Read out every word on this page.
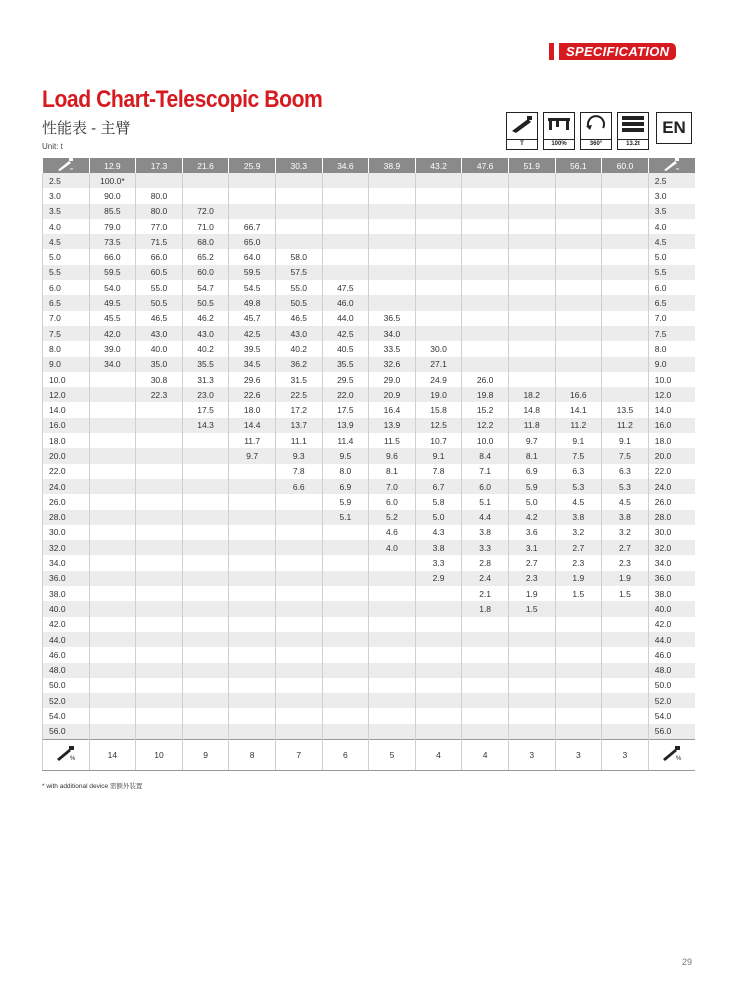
SPECIFICATION
Load Chart-Telescopic Boom
性能表 - 主臂
Unit: t	T	100%	360°	13.2t
EN
m	12.9	17.3	21.6	25.9	30.3	34.6	38.9	43.2	47.6	51.9	56.1	60.0	m

2.5	100.0*												2.5
3.0	90.0	80.0											3.0
3.5	85.5	80.0	72.0										3.5
4.0	79.0	77.0	71.0	66.7									4.0
4.5	73.5	71.5	68.0	65.0									4.5
5.0	66.0	66.0	65.2	64.0	58.0								5.0
5.5	59.5	60.5	60.0	59.5	57.5								5.5
6.0	54.0	55.0	54.7	54.5	55.0	47.5							6.0
6.5	49.5	50.5	50.5	49.8	50.5	46.0							6.5
7.0	45.5	46.5	46.2	45.7	46.5	44.0	36.5						7.0
7.5	42.0	43.0	43.0	42.5	43.0	42.5	34.0						7.5
8.0	39.0	40.0	40.2	39.5	40.2	40.5	33.5	30.0					8.0
9.0	34.0	35.0	35.5	34.5	36.2	35.5	32.6	27.1					9.0
10.0		30.8	31.3	29.6	31.5	29.5	29.0	24.9	26.0				10.0
12.0		22.3	23.0	22.6	22.5	22.0	20.9	19.0	19.8	18.2	16.6		12.0
14.0			17.5	18.0	17.2	17.5	16.4	15.8	15.2	14.8	14.1	13.5	14.0
16.0			14.3	14.4	13.7	13.9	13.9	12.5	12.2	11.8	11.2	11.2	16.0
18.0				11.7	11.1	11.4	11.5	10.7	10.0	9.7	9.1	9.1	18.0
20.0				9.7	9.3	9.5	9.6	9.1	8.4	8.1	7.5	7.5	20.0
22.0					7.8	8.0	8.1	7.8	7.1	6.9	6.3	6.3	22.0
24.0					6.6	6.9	7.0	6.7	6.0	5.9	5.3	5.3	24.0
26.0						5.9	6.0	5.8	5.1	5.0	4.5	4.5	26.0
28.0						5.1	5.2	5.0	4.4	4.2	3.8	3.8	28.0
30.0							4.6	4.3	3.8	3.6	3.2	3.2	30.0
32.0							4.0	3.8	3.3	3.1	2.7	2.7	32.0
34.0								3.3	2.8	2.7	2.3	2.3	34.0
36.0								2.9	2.4	2.3	1.9	1.9	36.0
38.0									2.1	1.9	1.5	1.5	38.0
40.0									1.8	1.5			40.0
42.0													42.0
44.0													44.0
46.0													46.0
48.0													48.0
50.0													50.0
52.0													52.0
54.0													54.0
56.0													56.0

%	14	10	9	8	7	6	5	4	4	3	3	3	%
* with additional device 需额外装置
29
